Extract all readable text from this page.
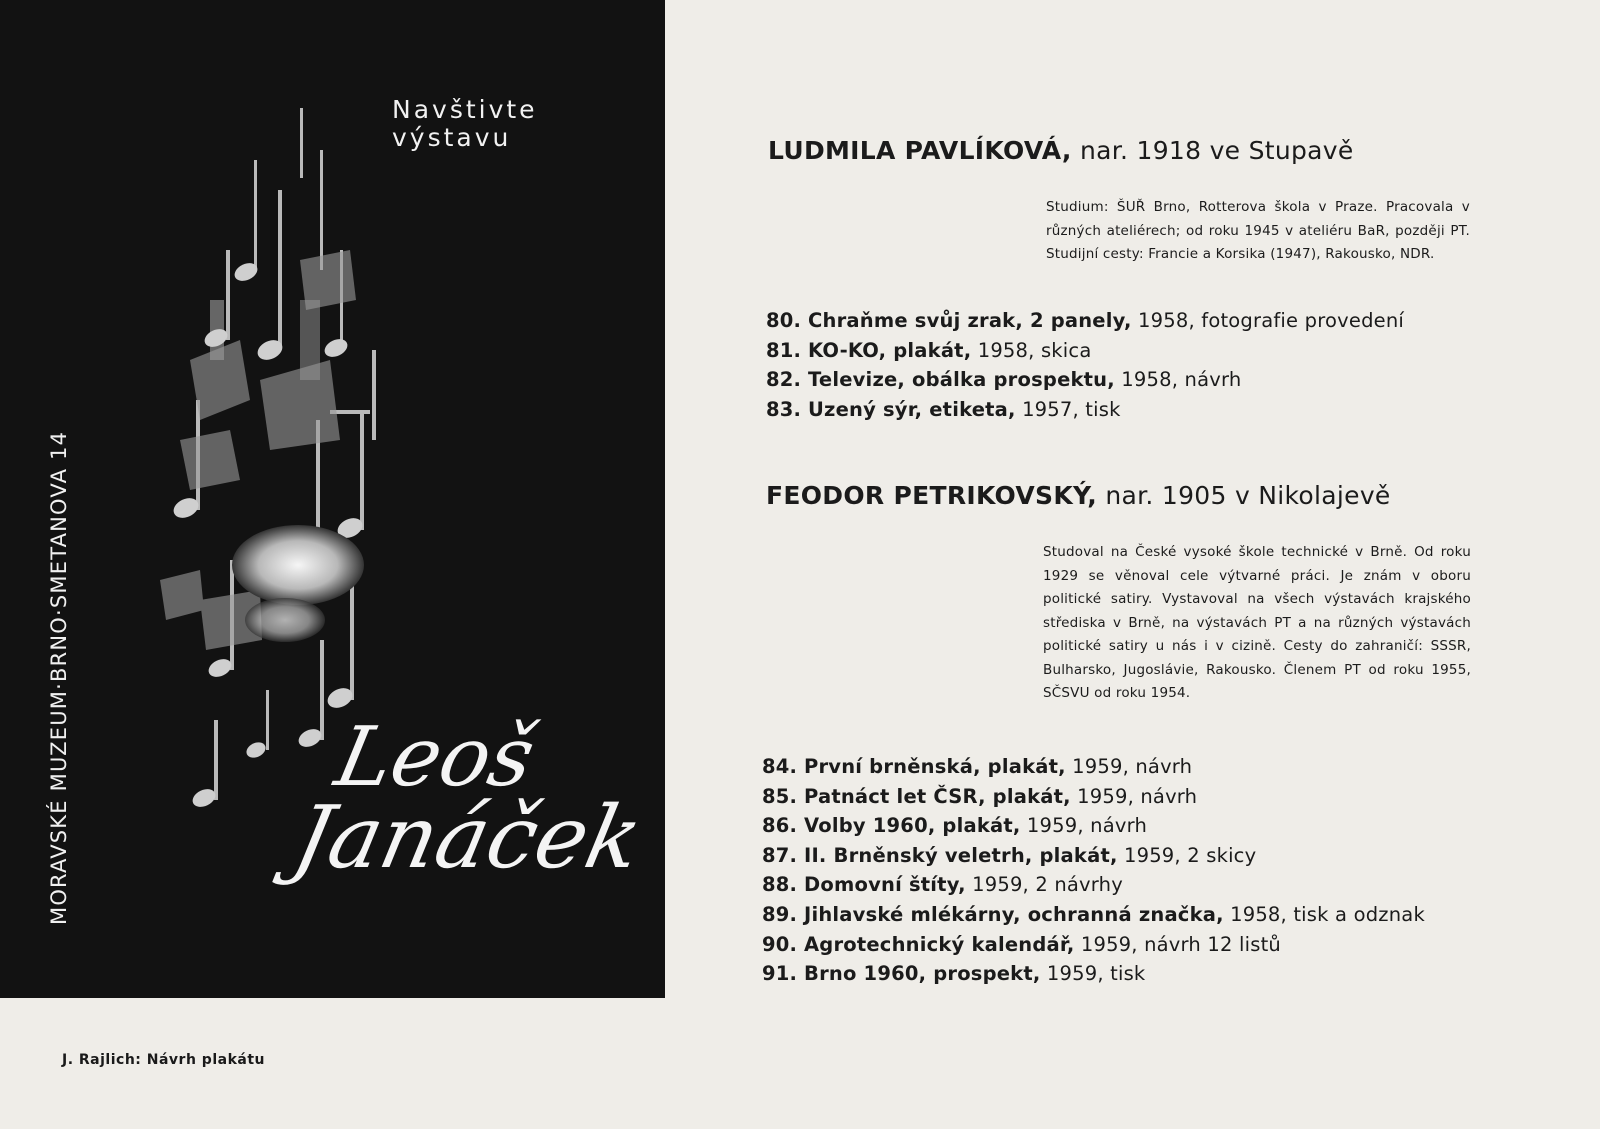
Navštivte
výstavu
MORAVSKÉ MUZEUM·BRNO·SMETANOVA 14	Leoš
Janáček

J. Rajlich: Návrh plakátu

LUDMILA PAVLÍKOVÁ, nar. 1918 ve Stupavě

Studium: ŠUŘ Brno, Rotterova škola v Praze. Pracovala v různých ateliérech; od roku 1945 v ateliéru BaR, později PT. Studijní cesty: Francie a Korsika (1947), Rakousko, NDR.

80. Chraňme svůj zrak, 2 panely, 1958, fotografie provedení
81. KO-KO, plakát, 1958, skica
82. Televize, obálka prospektu, 1958, návrh
83. Uzený sýr, etiketa, 1957, tisk
FEODOR PETRIKOVSKÝ, nar. 1905 v Nikolajevě

Studoval na České vysoké škole technické v Brně. Od roku 1929 se věnoval cele výtvarné práci. Je znám v oboru politické satiry. Vystavoval na všech výstavách krajského střediska v Brně, na výstavách PT a na různých výstavách politické satiry u nás i v cizině. Cesty do zahraničí: SSSR, Bulharsko, Jugoslávie, Rakousko. Členem PT od roku 1955, SČSVU od roku 1954.

84. První brněnská, plakát, 1959, návrh
85. Patnáct let ČSR, plakát, 1959, návrh
86. Volby 1960, plakát, 1959, návrh
87. II. Brněnský veletrh, plakát, 1959, 2 skicy
88. Domovní štíty, 1959, 2 návrhy
89. Jihlavské mlékárny, ochranná značka, 1958, tisk a odznak
90. Agrotechnický kalendář, 1959, návrh 12 listů
91. Brno 1960, prospekt, 1959, tisk
